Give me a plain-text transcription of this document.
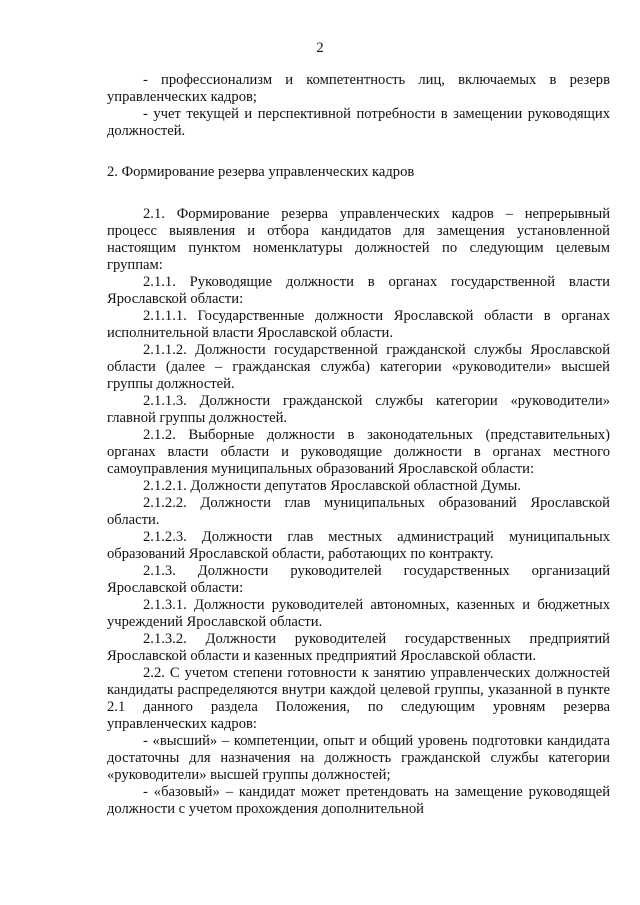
2

- профессионализм и компетентность лиц, включаемых в резерв управленческих кадров;

- учет текущей и перспективной потребности в замещении руководящих должностей.

2. Формирование резерва управленческих кадров

2.1. Формирование резерва управленческих кадров – непрерывный процесс выявления и отбора кандидатов для замещения установленной настоящим пунктом номенклатуры должностей по следующим целевым группам:

2.1.1. Руководящие должности в органах государственной власти Ярославской области:

2.1.1.1. Государственные должности Ярославской области в органах исполнительной власти Ярославской области.

2.1.1.2. Должности государственной гражданской службы Ярославской области (далее – гражданская служба) категории «руководители» высшей группы должностей.

2.1.1.3. Должности гражданской службы категории «руководители» главной группы должностей.

2.1.2. Выборные должности в законодательных (представительных) органах власти области и руководящие должности в органах местного самоуправления муниципальных образований Ярославской области:

2.1.2.1. Должности депутатов Ярославской областной Думы.

2.1.2.2. Должности глав муниципальных образований Ярославской области.

2.1.2.3. Должности глав местных администраций муниципальных образований Ярославской области, работающих по контракту.

2.1.3. Должности руководителей государственных организаций Ярославской области:

2.1.3.1. Должности руководителей автономных, казенных и бюджетных учреждений Ярославской области.

2.1.3.2. Должности руководителей государственных предприятий Ярославской области и казенных предприятий Ярославской области.

2.2. С учетом степени готовности к занятию управленческих должностей кандидаты распределяются внутри каждой целевой группы, указанной в пункте 2.1 данного раздела Положения, по следующим уровням резерва управленческих кадров:

- «высший» – компетенции, опыт и общий уровень подготовки кандидата достаточны для назначения на должность гражданской службы категории «руководители» высшей группы должностей;

- «базовый» – кандидат может претендовать на замещение руководящей должности с учетом прохождения дополнительной
